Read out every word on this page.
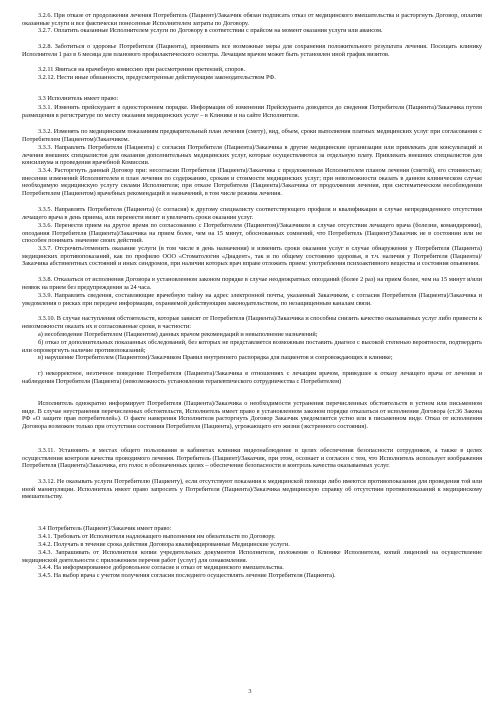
3.2.6. При отказе от продолжения лечения Потребитель (Пациент)/Заказчик обязан подписать отказ от медицинского вмешательства и расторгнуть Договор, оплатив оказанные услуги и все фактически понесенные Исполнителем затраты по Договору.
3.2.7. Оплатить оказанные Исполнителем услуги по Договору в соответствии с прайсом на момент оказания услуги или авансом.
3.2.8. Заботиться о здоровье Потребителя (Пациента), принимать все возможные меры для сохранения положительного результата лечения. Посещать клинику Исполнителя 1 раз в 6 месяца для планового профилактического осмотра. Лечащим врачом может быть установлен иной график визитов.
3.2.11 Явиться на врачебную комиссию при рассмотрении претензий, споров.
3.2.12. Нести иные обязанности, предусмотренные действующим законодательством РФ.
3.3 Исполнитель имеет право:
3.3.1. Изменять прейскурант в одностороннем порядке. Информация об изменении Прейскуранта доводится до сведения Потребителя (Пациента)/Заказчика путем размещения в регистратуре по месту оказания медицинских услуг – в Клинике и на сайте Исполнителя.
3.3.2. Изменять по медицинским показаниям предварительный план лечения (смету), вид, объем, сроки выполнения платных медицинских услуг при согласовании с Потребителем (Пациентом)/Заказчиком.
3.3.3. Направлять Потребителя (Пациента) с согласия Потребителя (Пациента)/Заказчика в другие медицинские организации или привлекать для консультаций и лечения внешних специалистов для оказания дополнительных медицинских услуг, которые осуществляются за отдельную плату. Привлекать внешних специалистов для консилиума и проведения врачебной Комиссии.
3.3.4. Расторгнуть данный Договор при: несогласии Потребителя (Пациента)/Заказчика с предложенным Исполнителем планом лечения (сметой), его стоимостью; внесении изменений Исполнителем в план лечения по содержанию, срокам и стоимости медицинских услуг; при невозможности оказать в данном клиническом случае необходимую медицинскую услугу силами Исполнителя; при отказе Потребителя (Пациента)/Заказчика от продолжения лечения, при систематическом несоблюдении Потребителем (Пациентом) врачебных рекомендаций и назначений, в том числе режима лечения.
3.3.5. Направлять Потребителя (Пациента) (с согласия) к другому специалисту соответствующего профиля и квалификации в случае непредвиденного отсутствия лечащего врача в день приема, или перенести визит и увеличить сроки оказания услуг.
3.3.6. Перенести прием на другое время по согласованию с Потребителем (Пациентом)/Заказчиком в случае отсутствия лечащего врача (болезни, командировки), опоздания Потребителя (Пациента)/Заказчика на прием более, чем на 15 минут, обоснованных сомнений, что Потребитель (Пациент)/Заказчик не в состоянии или не способен понимать значение своих действий.
3.3.7. Отсрочить/отменить оказание услуги (в том числе в день назначения) и изменить сроки оказания услуг в случае обнаружения у Потребителя (Пациента) медицинских противопоказаний, как по профилю ООО «Стоматология «Диадент», так и по общему состоянию здоровья, в т.ч. наличия у Потребителя (Пациента)/Заказчика абстинентных состояний и иных синдромов, при наличии которых врач вправе отложить прием: употребления психоактивного вещества и состояния опьянения.
3.3.8. Отказаться от исполнения Договора в установленном законом порядке в случае неоднократных опозданий (более 2 раз) на прием более, чем на 15 минут и/или неявок на прием без предупреждения за 24 часа.
3.3.9. Направлять сведения, составляющие врачебную тайну на адрес электронной почты, указанный Заказчиком, с согласия Потребителя (Пациента)/Заказчика и уведомления о рисках при передаче информации, охраняемой действующим законодательством, по незащищенным каналам связи.
3.3.10. В случае наступления обстоятельств, которые зависят от Потребителя (Пациента)/Заказчика и способны снизить качество оказываемых услуг либо привести к невозможности оказать их в согласованные сроки, в частности:
а) несоблюдение Потребителем (Пациентом) данных врачом рекомендаций и невыполнение назначений;
б) отказ от дополнительных показанных обследований, без которых не представляется возможным поставить диагноз с высокой степенью вероятности, подтвердить или опровергнуть наличие противопоказаний;
в) нарушение Потребителем (Пациентом)/Заказчиком Правил внутреннего распорядка для пациентов и сопровождающих в клинике;
г) некорректное, неэтичное поведение Потребителя (Пациента)/Заказчика в отношениях с лечащим врачом, приведшее к отказу лечащего врача от лечения и наблюдения Потребителя (Пациента) (невозможность установления терапевтического сотрудничества с Потребителем)
Исполнитель однократно информирует Потребителя (Пациента)/Заказчика о необходимости устранения перечисленных обстоятельств в устном или письменном виде. В случае неустранения перечисленных обстоятельств, Исполнитель имеет право в установленном законом порядке отказаться от исполнения Договора (ст.36 Закона РФ «О защите прав потребителей»). О факте намерения Исполнителя расторгнуть Договор Заказчик уведомляется устно или в письменном виде. Отказ от исполнения Договора возможен только при отсутствии состояния Потребителя (Пациента), угрожающего его жизни (экстренного состояния).
3.3.11. Установить в местах общего пользования и кабинетах клиники видеонаблюдение в целях обеспечения безопасности сотрудников, а также в целях осуществления контроля качества проводимого лечения. Потребитель (Пациент)/Заказчик, при этом, осознает и согласен с тем, что Исполнитель использует изображения Потребителя (Пациента)/Заказчика, его голос в обозначенных целях – обеспечение безопасности и контроль качества оказываемых услуг.
3.3.12. Не оказывать услуги Потребителю (Пациенту), если отсутствуют показания к медицинской помощи либо имеются противопоказания для проведения той или иной манипуляции. Исполнитель имеет право запросить у Потребителя (Пациента)/Заказчика медицинскую справку об отсутствии противопоказаний к медицинскому вмешательству.
3.4 Потребитель (Пациент)/Заказчик имеет право:
3.4.1. Требовать от Исполнителя надлежащего выполнения им обязательств по Договору.
3.4.2. Получать в течение срока действия Договора квалифицированные Медицинские услуги.
3.4.3. Запрашивать от Исполнителя копии учредительных документов Исполнителя, положения о Клинике Исполнителя, копий лицензий на осуществление медицинской деятельности с приложением перечня работ (услуг) для ознакомления.
3.4.4. На информированное добровольное согласие и отказ от медицинского вмешательства.
3.4.5. На выбор врача с учетом получения согласия последнего осуществлять лечение Потребителя (Пациента).
3
